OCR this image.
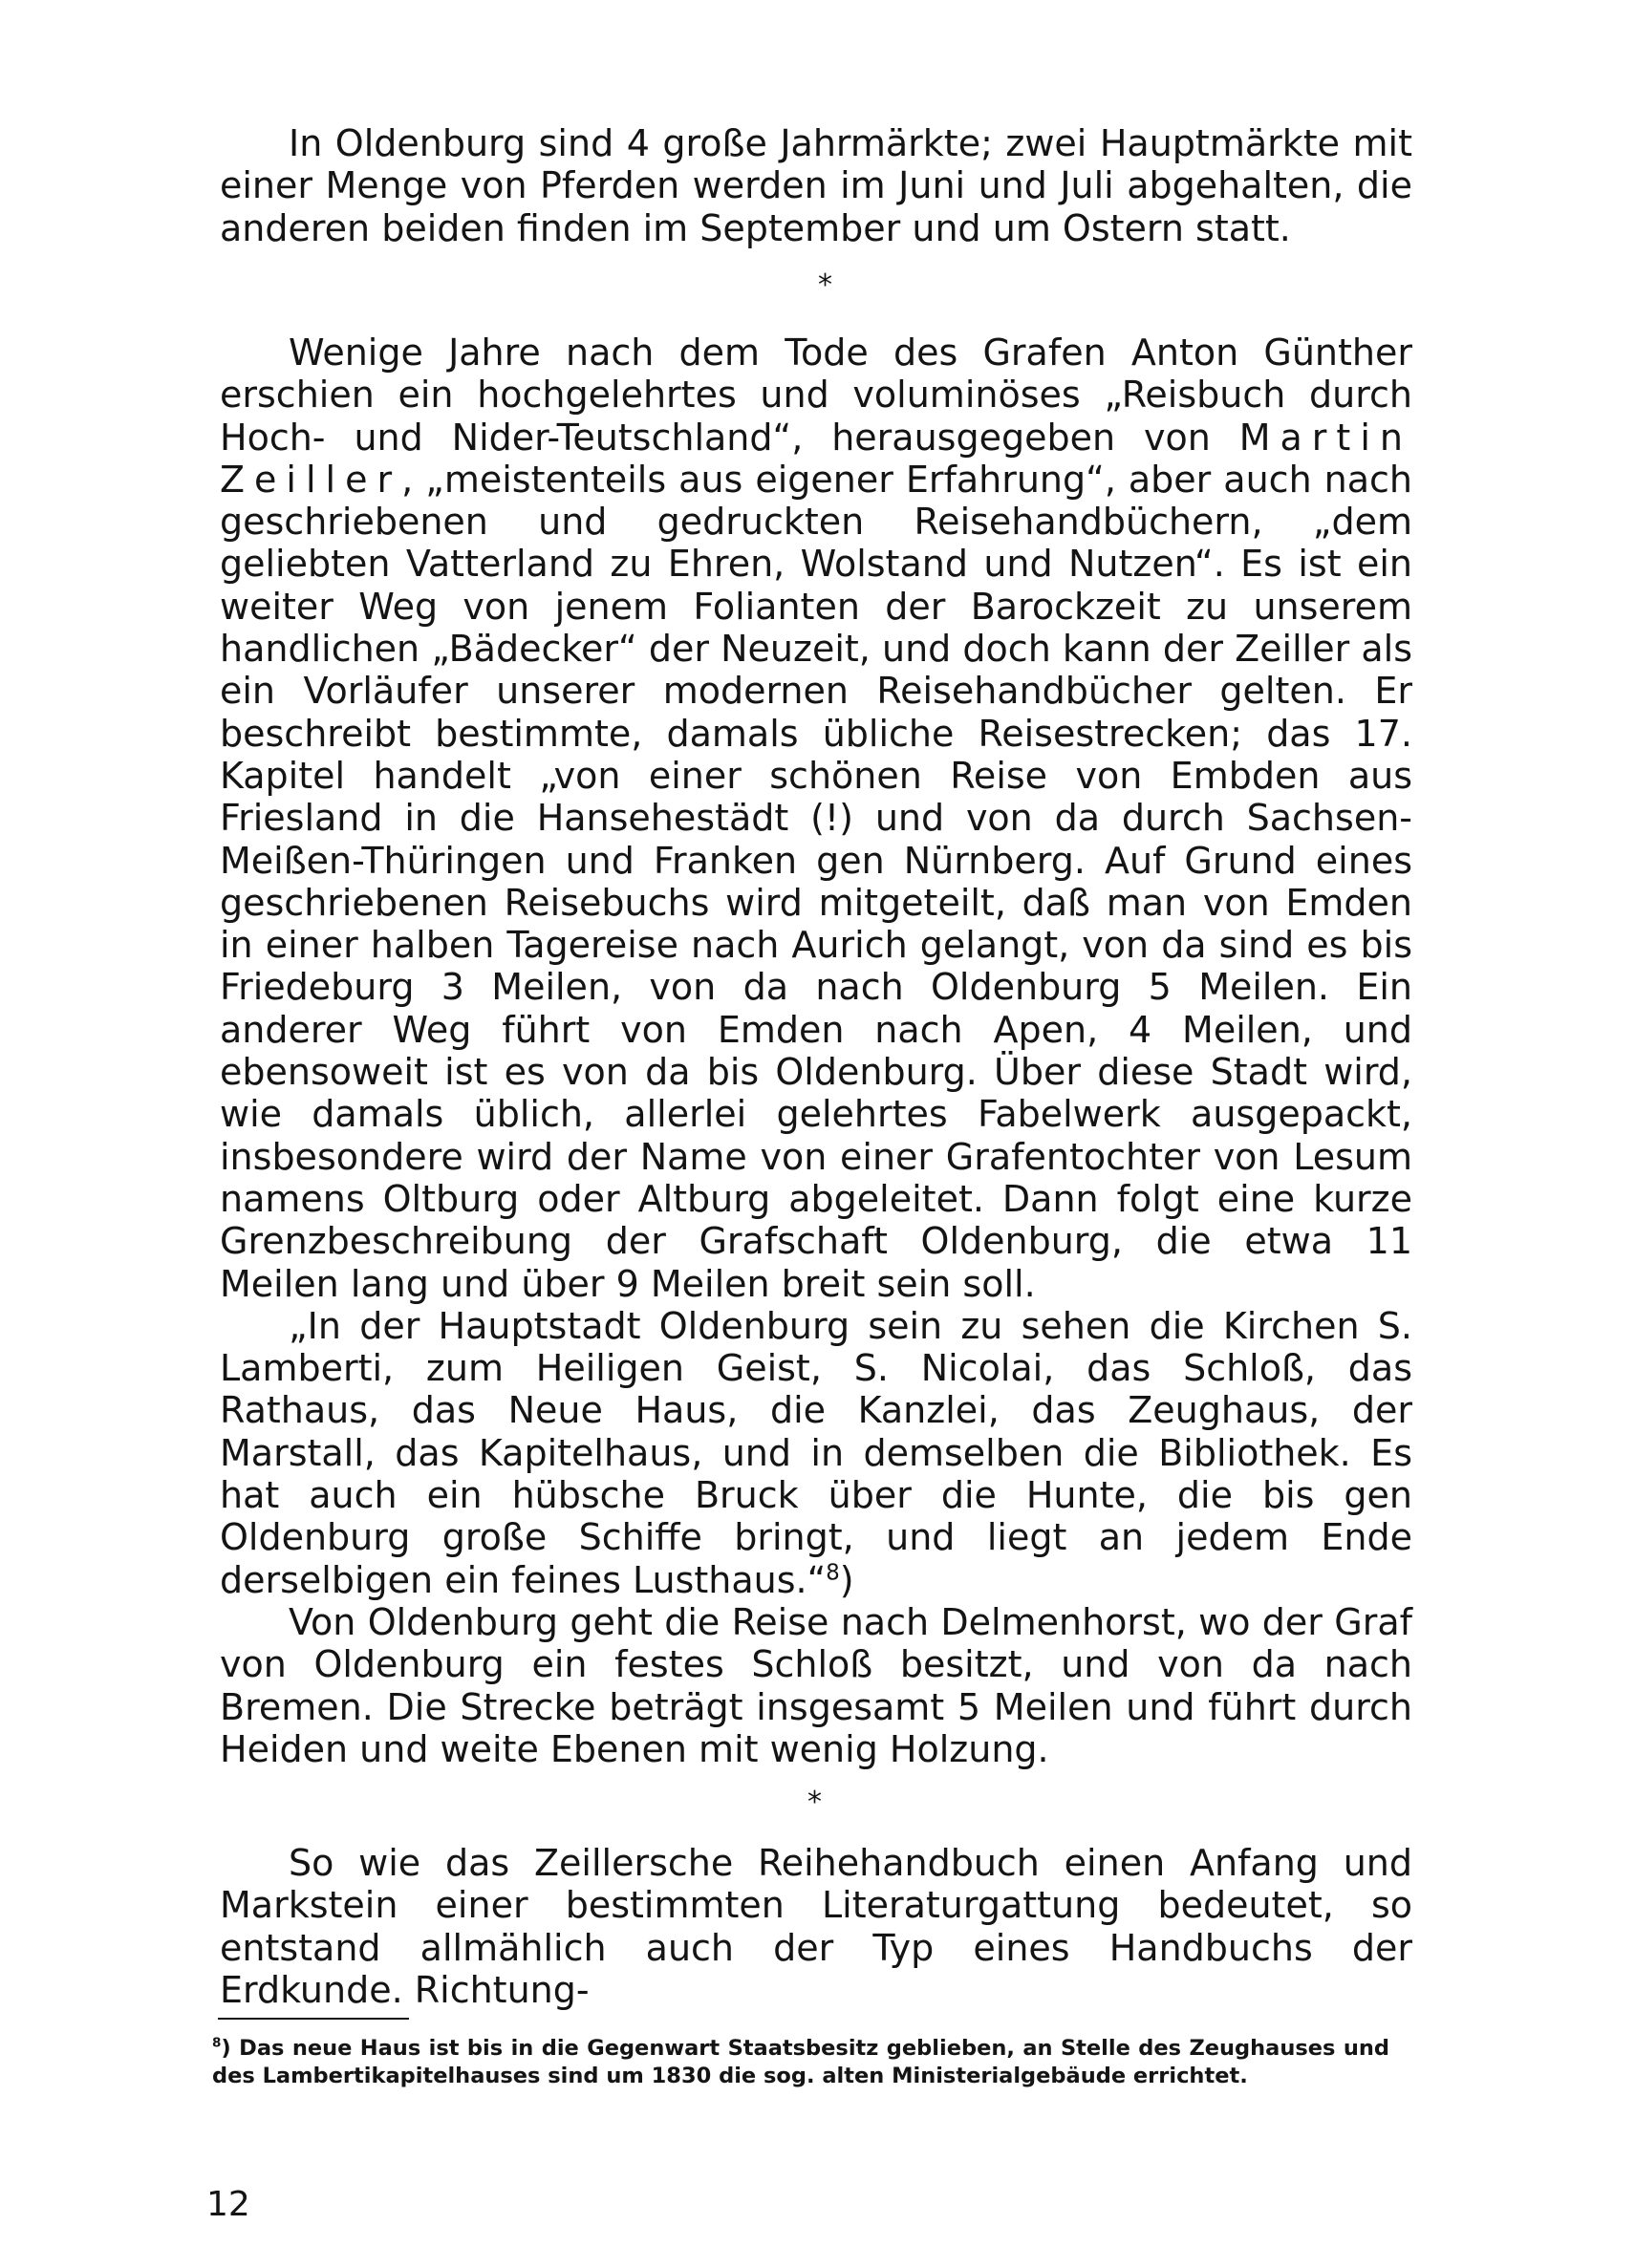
In Oldenburg sind 4 große Jahrmärkte; zwei Hauptmärkte mit einer Menge von Pferden werden im Juni und Juli abgehalten, die anderen beiden finden im September und um Ostern statt.

*

Wenige Jahre nach dem Tode des Grafen Anton Günther erschien ein hochgelehrtes und voluminöses „Reisbuch durch Hoch- und Nider-Teutschland“, herausgegeben von Martin Zeiller, „meistenteils aus eigener Erfahrung“, aber auch nach geschriebenen und gedruckten Reisehandbüchern, „dem geliebten Vatterland zu Ehren, Wolstand und Nutzen“. Es ist ein weiter Weg von jenem Folianten der Barockzeit zu unserem handlichen „Bädecker“ der Neuzeit, und doch kann der Zeiller als ein Vorläufer unserer modernen Reisehandbücher gelten. Er beschreibt bestimmte, damals übliche Reisestrecken; das 17. Kapitel handelt „von einer schönen Reise von Embden aus Friesland in die Hansehestädt (!) und von da durch Sachsen-Meißen-Thüringen und Franken gen Nürnberg. Auf Grund eines geschriebenen Reisebuchs wird mitgeteilt, daß man von Emden in einer halben Tagereise nach Aurich gelangt, von da sind es bis Friedeburg 3 Meilen, von da nach Oldenburg 5 Meilen. Ein anderer Weg führt von Emden nach Apen, 4 Meilen, und ebensoweit ist es von da bis Oldenburg. Über diese Stadt wird, wie damals üblich, allerlei gelehrtes Fabelwerk ausgepackt, insbesondere wird der Name von einer Grafentochter von Lesum namens Oltburg oder Altburg abgeleitet. Dann folgt eine kurze Grenzbeschreibung der Grafschaft Oldenburg, die etwa 11 Meilen lang und über 9 Meilen breit sein soll.

„In der Hauptstadt Oldenburg sein zu sehen die Kirchen S. Lamberti, zum Heiligen Geist, S. Nicolai, das Schloß, das Rathaus, das Neue Haus, die Kanzlei, das Zeughaus, der Marstall, das Kapitelhaus, und in demselben die Bibliothek. Es hat auch ein hübsche Bruck über die Hunte, die bis gen Oldenburg große Schiffe bringt, und liegt an jedem Ende derselbigen ein feines Lusthaus.“$^8$)

Von Oldenburg geht die Reise nach Delmenhorst, wo der Graf von Oldenburg ein festes Schloß besitzt, und von da nach Bremen. Die Strecke beträgt insgesamt 5 Meilen und führt durch Heiden und weite Ebenen mit wenig Holzung.

*

So wie das Zeillersche Reihehandbuch einen Anfang und Markstein einer bestimmten Literaturgattung bedeutet, so entstand allmählich auch der Typ eines Handbuchs der Erdkunde. Richtung-

$^8$) Das neue Haus ist bis in die Gegenwart Staatsbesitz geblieben, an Stelle des Zeughauses und des Lambertikapitelhauses sind um 1830 die sog. alten Ministerialgebäude errichtet.
12
